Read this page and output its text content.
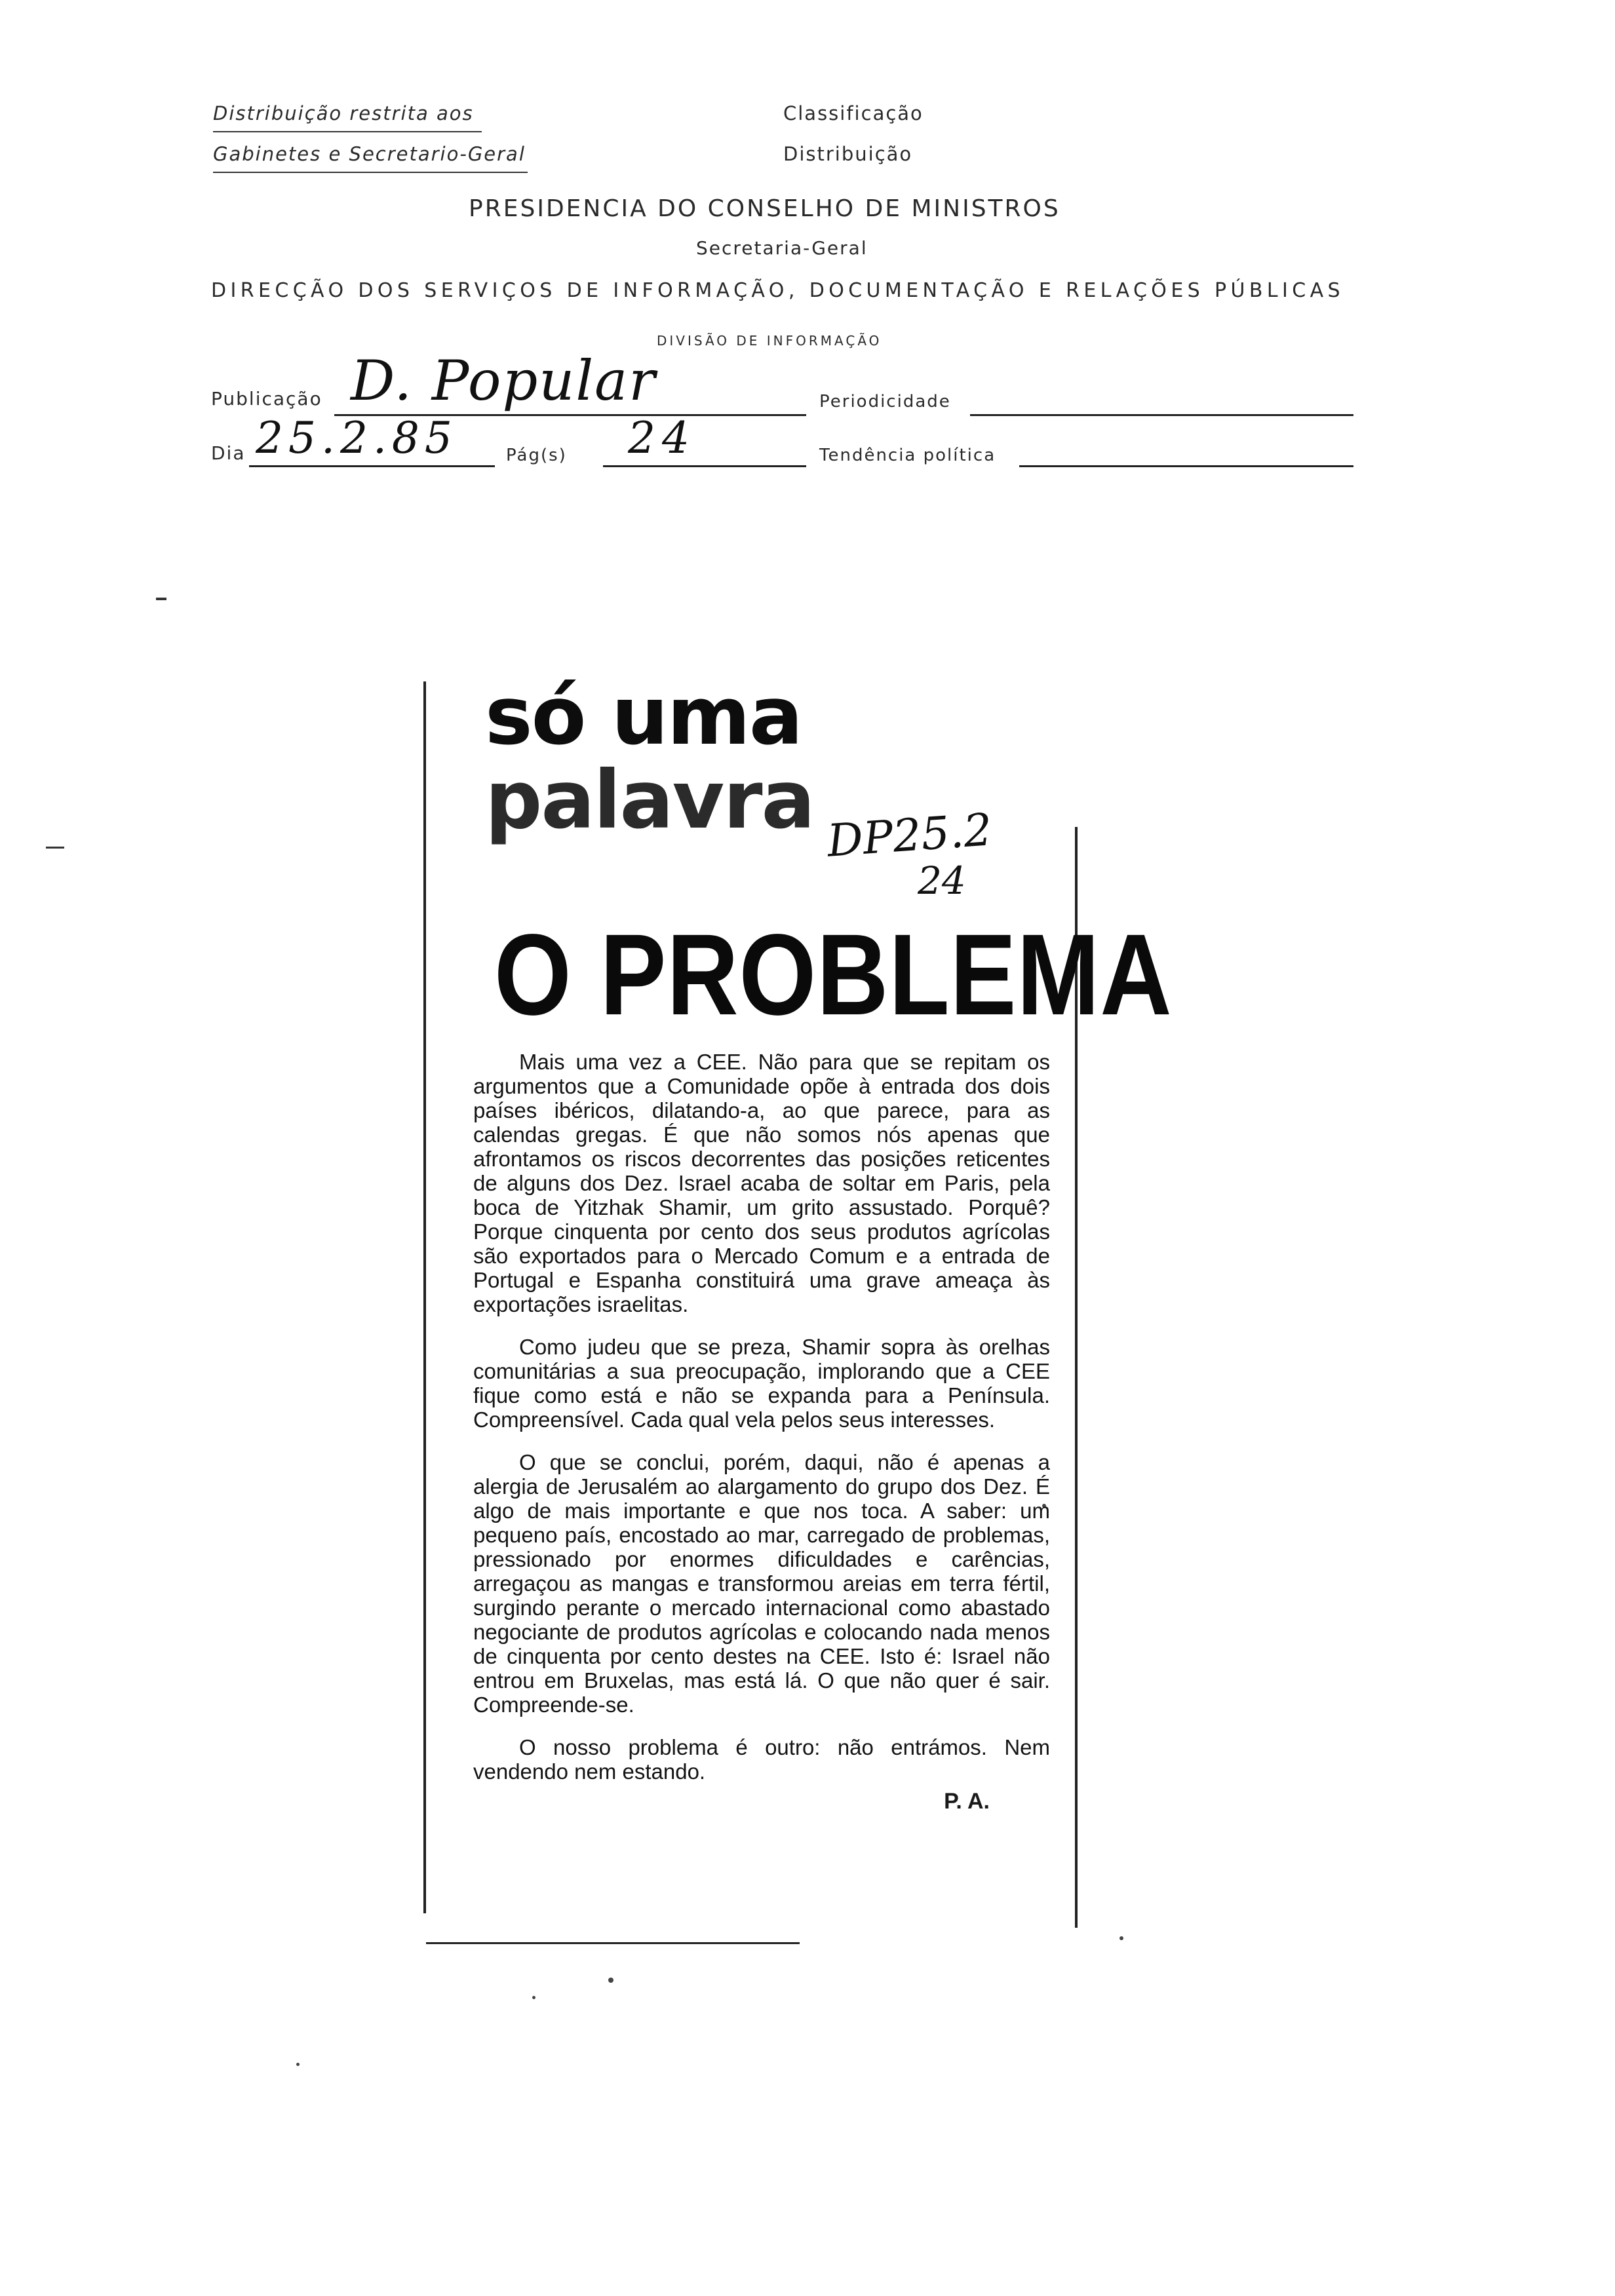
Distribuição restrita aos
Gabinetes e Secretario-Geral
Classificação
Distribuição
PRESIDENCIA DO CONSELHO DE MINISTROS
Secretaria-Geral
DIRECÇÃO DOS SERVIÇOS DE INFORMAÇÃO, DOCUMENTAÇÃO E RELAÇÕES PÚBLICAS
DIVISÃO DE INFORMAÇÃO
Publicação D. Popular	Periodicidade
Dia 25.2.85	Pág(s) 24	Tendência política
só uma
palavra DP25.2
24
O PROBLEMA

Mais uma vez a CEE. Não para que se repitam os argumentos que a Comunidade opõe à entrada dos dois países ibéricos, dilatando-a, ao que parece, para as calendas gregas. É que não somos nós apenas que afrontamos os riscos decorrentes das posições reticentes de alguns dos Dez. Israel acaba de soltar em Paris, pela boca de Yitzhak Shamir, um grito assustado. Porquê? Porque cinquenta por cento dos seus produtos agrícolas são exportados para o Mercado Comum e a entrada de Portugal e Espanha constituirá uma grave ameaça às exportações israelitas.

Como judeu que se preza, Shamir sopra às orelhas comunitárias a sua preocupação, implorando que a CEE fique como está e não se expanda para a Península. Compreensível. Cada qual vela pelos seus interesses.

O que se conclui, porém, daqui, não é apenas a alergia de Jerusalém ao alargamento do grupo dos Dez. É algo de mais importante e que nos toca. A saber: um pequeno país, encostado ao mar, carregado de problemas, pressionado por enormes dificuldades e carências, arregaçou as mangas e transformou areias em terra fértil, surgindo perante o mercado internacional como abastado negociante de produtos agrícolas e colocando nada menos de cinquenta por cento destes na CEE. Isto é: Israel não entrou em Bruxelas, mas está lá. O que não quer é sair. Compreende-se.

O nosso problema é outro: não entrámos. Nem vendendo nem estando.

P. A.
